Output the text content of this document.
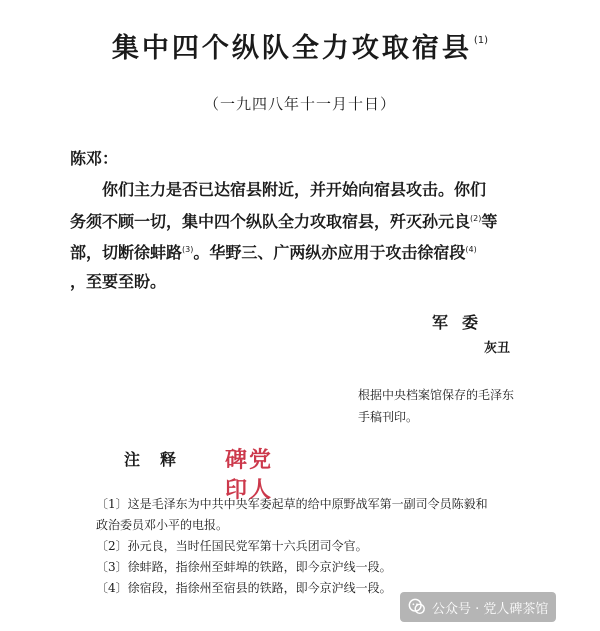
集中四个纵队全力攻取宿县 $^{(1)}$
（一九四八年十一月十日）
陈邓：
你们主力是否已达宿县附近，并开始向宿县攻击。你们
务须不顾一切，集中四个纵队全力攻取宿县，歼灭孙元良$^{(2)}$等
部，切断徐蚌路$^{(3)}$。华野三、广两纵亦应用于攻击徐宿段$^{(4)}$
，至要至盼。
军委
灰丑
根据中央档案馆保存的毛泽东
手稿刊印。
注释
〔1〕这是毛泽东为中共中央军委起草的给中原野战军第一副司令员陈毅和
政治委员邓小平的电报。
〔2〕孙元良，当时任国民党军第十六兵团司令官。
〔3〕徐蚌路，指徐州至蚌埠的铁路，即今京沪线一段。
〔4〕徐宿段，指徐州至宿县的铁路，即今京沪线一段。
碑党
印人
公众号 · 党人碑茶馆
